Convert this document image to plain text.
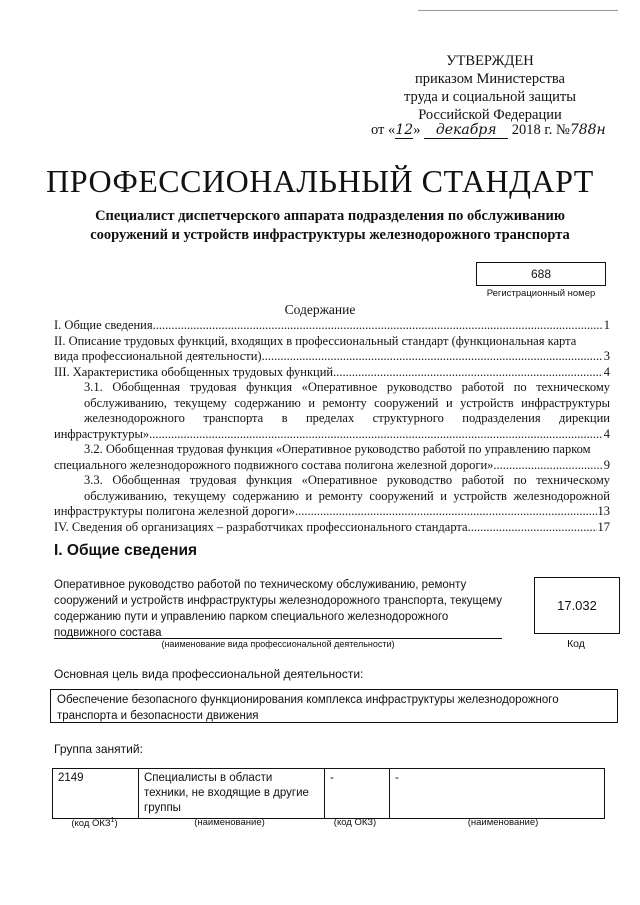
УТВЕРЖДЕН
приказом Министерства
труда и социальной защиты
Российской Федерации
от «12» декабря 2018 г. №788н
ПРОФЕССИОНАЛЬНЫЙ СТАНДАРТ
Специалист диспетчерского аппарата подразделения по обслуживанию
сооружений и устройств инфраструктуры железнодорожного транспорта
688
Регистрационный номер
Содержание
I. Общие сведения .....	1
II. Описание трудовых функций, входящих в профессиональный стандарт (функциональная карта
вида профессиональной деятельности) .....	3
III. Характеристика обобщенных трудовых функций .....	4
3.1. Обобщенная трудовая функция «Оперативное руководство работой по техническому обслуживанию, текущему содержанию и ремонту сооружений и устройств инфраструктуры железнодорожного транспорта в пределах структурного подразделения дирекции
инфраструктуры» .....	4
3.2. Обобщенная трудовая функция «Оперативное руководство работой по управлению парком
специального железнодорожного подвижного состава полигона железной дороги» .....	9
3.3. Обобщенная трудовая функция «Оперативное руководство работой по техническому обслуживанию, текущему содержанию и ремонту сооружений и устройств железнодорожной
инфраструктуры полигона железной дороги» .....	13
IV. Сведения об организациях – разработчиках профессионального стандарта .....	17
I. Общие сведения
Оперативное руководство работой по техническому обслуживанию, ремонту сооружений и устройств инфраструктуры железнодорожного транспорта, текущему содержанию пути и управлению парком специального железнодорожного подвижного состава
(наименование вида профессиональной деятельности)
17.032
Код
Основная цель вида профессиональной деятельности:
Обеспечение безопасного функционирования комплекса инфраструктуры железнодорожного транспорта и безопасности движения
Группа занятий:
2149	Специалисты в области техники, не входящие в другие группы	-	-
(код ОКЗ$^1$)	(наименование)	(код ОКЗ)	(наименование)
